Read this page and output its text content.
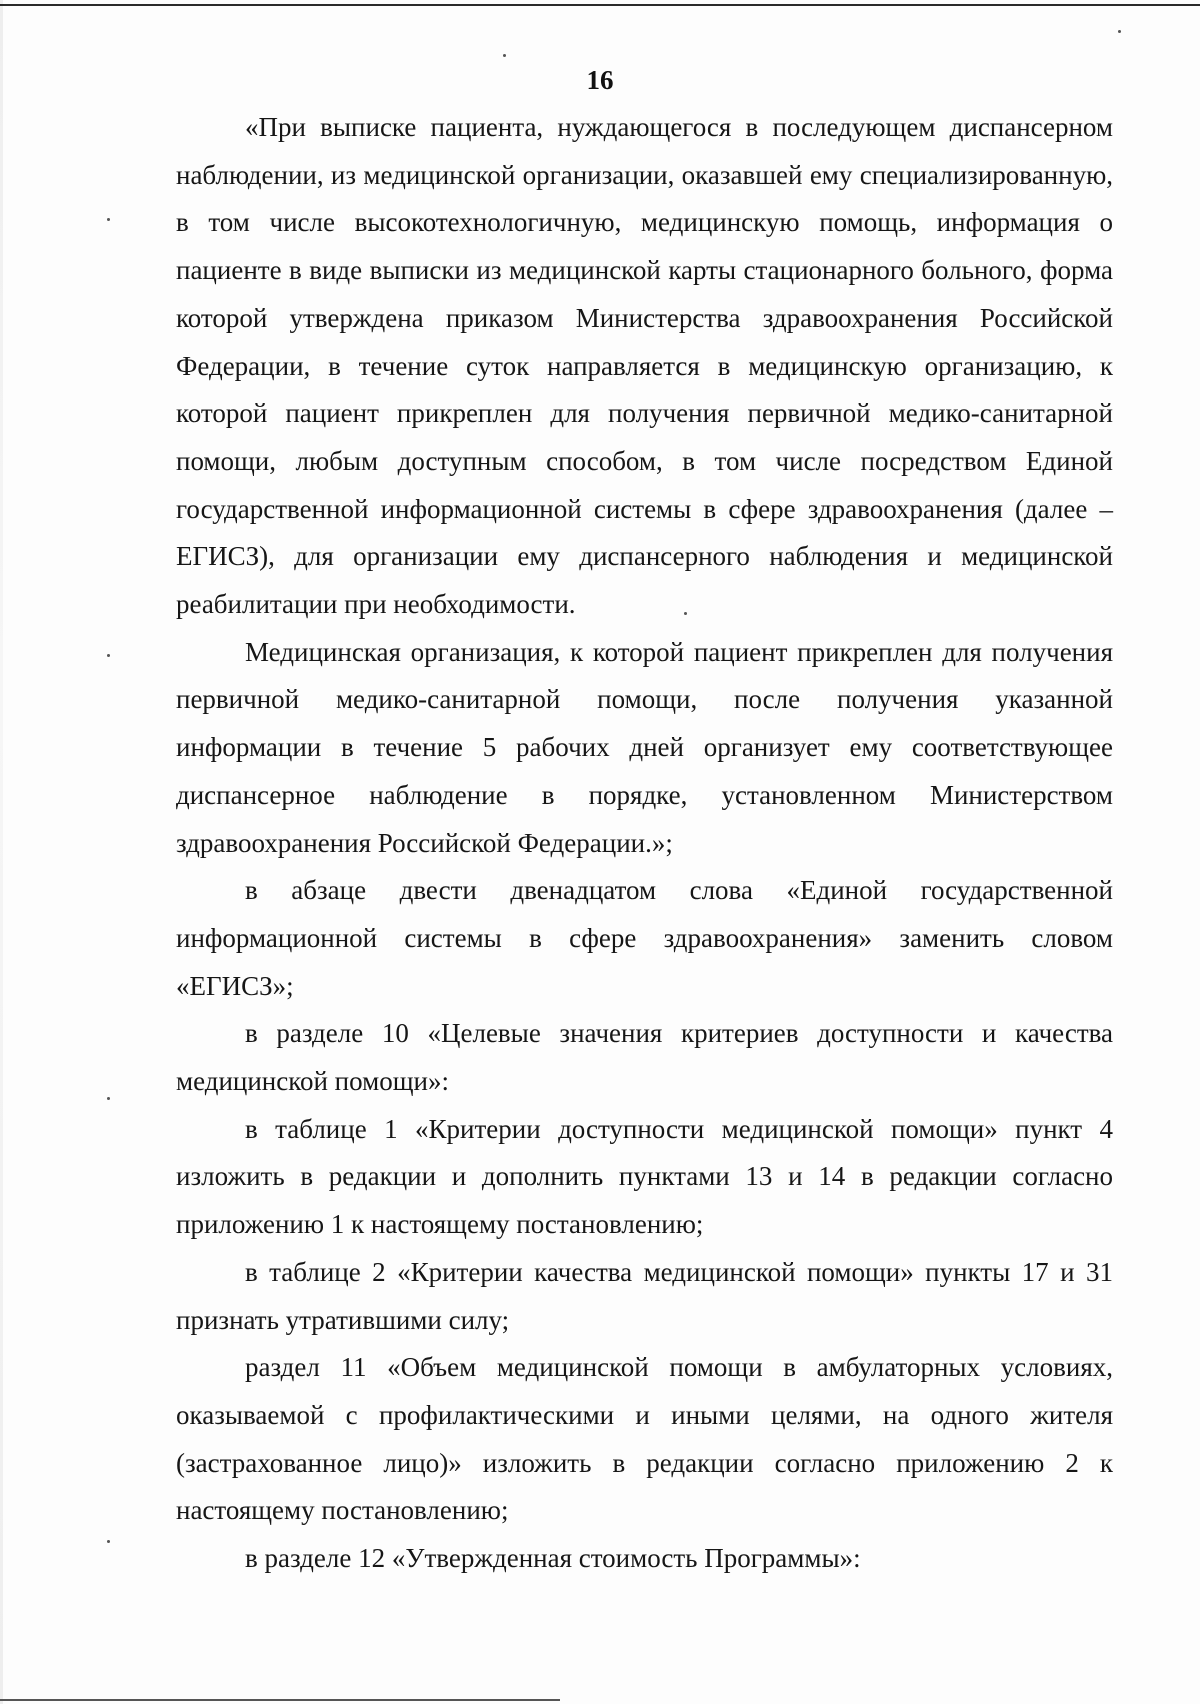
16

«При выписке пациента, нуждающегося в последующем диспансерном наблюдении, из медицинской организации, оказавшей ему специализированную, в том числе высокотехнологичную, медицинскую помощь, информация о пациенте в виде выписки из медицинской карты стационарного больного, форма которой утверждена приказом Министерства здравоохранения Российской Федерации, в течение суток направляется в медицинскую организацию, к которой пациент прикреплен для получения первичной медико-санитарной помощи, любым доступным способом, в том числе посредством Единой государственной информационной системы в сфере здравоохранения (далее – ЕГИСЗ), для организации ему диспансерного наблюдения и медицинской реабилитации при необходимости.

Медицинская организация, к которой пациент прикреплен для получения первичной медико-санитарной помощи, после получения указанной информации в течение 5 рабочих дней организует ему соответствующее диспансерное наблюдение в порядке, установленном Министерством здравоохранения Российской Федерации.»;

в абзаце двести двенадцатом слова «Единой государственной информационной системы в сфере здравоохранения» заменить словом «ЕГИСЗ»;

в разделе 10 «Целевые значения критериев доступности и качества медицинской помощи»:

в таблице 1 «Критерии доступности медицинской помощи» пункт 4 изложить в редакции и дополнить пунктами 13 и 14 в редакции согласно приложению 1 к настоящему постановлению;

в таблице 2 «Критерии качества медицинской помощи» пункты 17 и 31 признать утратившими силу;

раздел 11 «Объем медицинской помощи в амбулаторных условиях, оказываемой с профилактическими и иными целями, на одного жителя (застрахованное лицо)» изложить в редакции согласно приложению 2 к настоящему постановлению;

в разделе 12 «Утвержденная стоимость Программы»:
